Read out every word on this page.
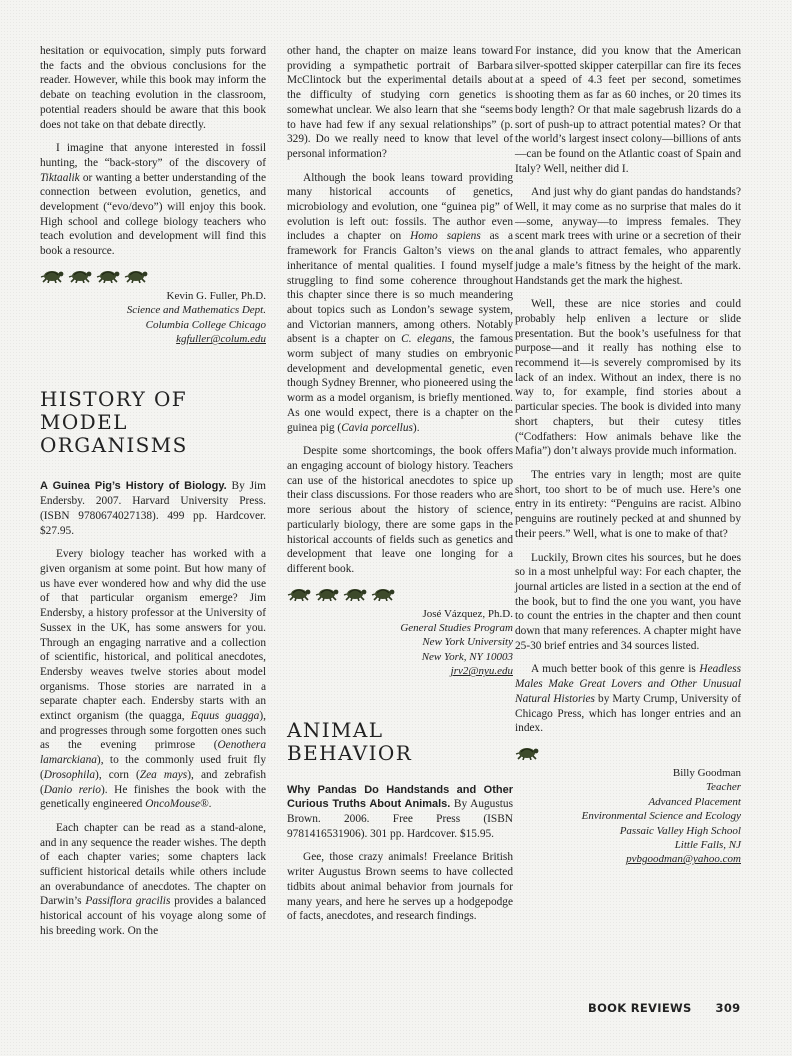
hesitation or equivocation, simply puts forward the facts and the obvious conclusions for the reader. However, while this book may inform the debate on teaching evolution in the classroom, potential readers should be aware that this book does not take on that debate directly.

I imagine that anyone interested in fossil hunting, the “back-story” of the discovery of Tiktaalik or wanting a better understanding of the connection between evolution, genetics, and development (“evo/devo”) will enjoy this book. High school and college biology teachers who teach evolution and development will find this book a resource.

Kevin G. Fuller, Ph.D.
Science and Mathematics Dept.
Columbia College Chicago
kgfuller@colum.edu
HISTORY OF MODEL
ORGANISMS

A Guinea Pig’s History of Biology. By Jim Endersby. 2007. Harvard University Press. (ISBN 9780674027138). 499 pp. Hardcover. $27.95.

Every biology teacher has worked with a given organism at some point. But how many of us have ever wondered how and why did the use of that particular organism emerge? Jim Endersby, a history professor at the University of Sussex in the UK, has some answers for you. Through an engaging narrative and a collection of scientific, historical, and political anecdotes, Endersby weaves twelve stories about model organisms. Those stories are narrated in a separate chapter each. Endersby starts with an extinct organism (the quagga, Equus guagga), and progresses through some forgotten ones such as the evening primrose (Oenothera lamarckiana), to the commonly used fruit fly (Drosophila), corn (Zea mays), and zebrafish (Danio rerio). He finishes the book with the genetically engineered OncoMouse®.

Each chapter can be read as a stand-alone, and in any sequence the reader wishes. The depth of each chapter varies; some chapters lack sufficient historical details while others include an overabundance of anecdotes. The chapter on Darwin’s Passiflora gracilis provides a balanced historical account of his voyage along some of his breeding work. On the

other hand, the chapter on maize leans toward providing a sympathetic portrait of Barbara McClintock but the experimental details about the difficulty of studying corn genetics is somewhat unclear. We also learn that she “seems to have had few if any sexual relationships” (p. 329). Do we really need to know that level of personal information?

Although the book leans toward providing many historical accounts of genetics, microbiology and evolution, one “guinea pig” of evolution is left out: fossils. The author even includes a chapter on Homo sapiens as a framework for Francis Galton’s views on the inheritance of mental qualities. I found myself struggling to find some coherence throughout this chapter since there is so much meandering about topics such as London’s sewage system, and Victorian manners, among others. Notably absent is a chapter on C. elegans, the famous worm subject of many studies on embryonic development and developmental genetic, even though Sydney Brenner, who pioneered using the worm as a model organism, is briefly mentioned. As one would expect, there is a chapter on the guinea pig (Cavia porcellus).

Despite some shortcomings, the book offers an engaging account of biology history. Teachers can use of the historical anecdotes to spice up their class discussions. For those readers who are more serious about the history of science, particularly biology, there are some gaps in the historical accounts of fields such as genetics and development that leave one longing for a different book.

José Vázquez, Ph.D.
General Studies Program
New York University
New York, NY 10003
jrv2@nyu.edu
ANIMAL BEHAVIOR

Why Pandas Do Handstands and Other Curious Truths About Animals. By Augustus Brown. 2006. Free Press (ISBN 9781416531906). 301 pp. Hardcover. $15.95.

Gee, those crazy animals! Freelance British writer Augustus Brown seems to have collected tidbits about animal behavior from journals for many years, and here he serves up a hodgepodge of facts, anecdotes, and research findings.

For instance, did you know that the American silver-spotted skipper caterpillar can fire its feces at a speed of 4.3 feet per second, sometimes shooting them as far as 60 inches, or 20 times its body length? Or that male sagebrush lizards do a sort of push-up to attract potential mates? Or that the world’s largest insect colony—billions of ants—can be found on the Atlantic coast of Spain and Italy? Well, neither did I.

And just why do giant pandas do handstands? Well, it may come as no surprise that males do it—some, anyway—to impress females. They scent mark trees with urine or a secretion of their anal glands to attract females, who apparently judge a male’s fitness by the height of the mark. Handstands get the mark the highest.

Well, these are nice stories and could probably help enliven a lecture or slide presentation. But the book’s usefulness for that purpose—and it really has nothing else to recommend it—is severely compromised by its lack of an index. Without an index, there is no way to, for example, find stories about a particular species. The book is divided into many short chapters, but their cutesy titles (“Codfathers: How animals behave like the Mafia”) don’t always provide much information.

The entries vary in length; most are quite short, too short to be of much use. Here’s one entry in its entirety: “Penguins are racist. Albino penguins are routinely pecked at and shunned by their peers.” Well, what is one to make of that?

Luckily, Brown cites his sources, but he does so in a most unhelpful way: For each chapter, the journal articles are listed in a section at the end of the book, but to find the one you want, you have to count the entries in the chapter and then count down that many references. A chapter might have 25-30 brief entries and 34 sources listed.

A much better book of this genre is Headless Males Make Great Lovers and Other Unusual Natural Histories by Marty Crump, University of Chicago Press, which has longer entries and an index.

Billy Goodman
Teacher
Advanced Placement
Environmental Science and Ecology
Passaic Valley High School
Little Falls, NJ
pvbgoodman@yahoo.com
BOOK REVIEWS 309
